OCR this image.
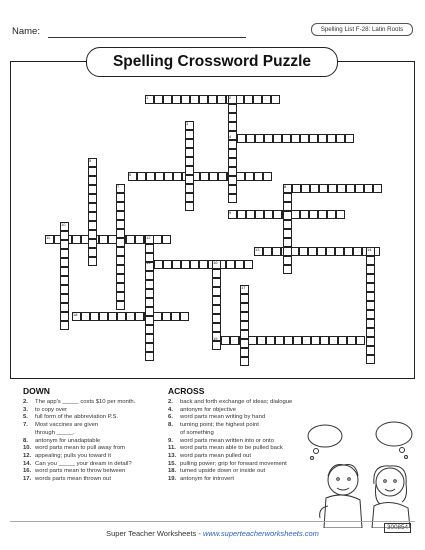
Name:	Spelling List F-28: Latin Roots
Spelling Crossword Puzzle
1	2
3
4
5
6
7	8
9
10
11	12
13	14
15	16
17
18
19
DOWN	ACROSS
2.	The app's _____ costs $10 per month.
3.	to copy over
5.	full form of the abbreviation P.S.
7.	Most vaccines are given
through _____.
8.	antonym for unadaptable
10. word parts mean to pull away from
12. appealing; pulls you toward it
14. Can you _____ your dream in detail?
16. word parts mean to throw between
17. words parts mean thrown out
2.	back and forth exchange of ideas; dialogue
4.	antonym for objective
6.	word parts mean writing by hand
8.	turning point; the highest point
of something
9.	word parts mean written into or onto
11. word parts mean able to be pulled back
13. word parts mean pulled out
15. pulling power; grip for forward movement
18. turned upside down or inside out
19. antonym for introvert
Super Teacher Worksheets - www.superteacherworksheets.com
300854
